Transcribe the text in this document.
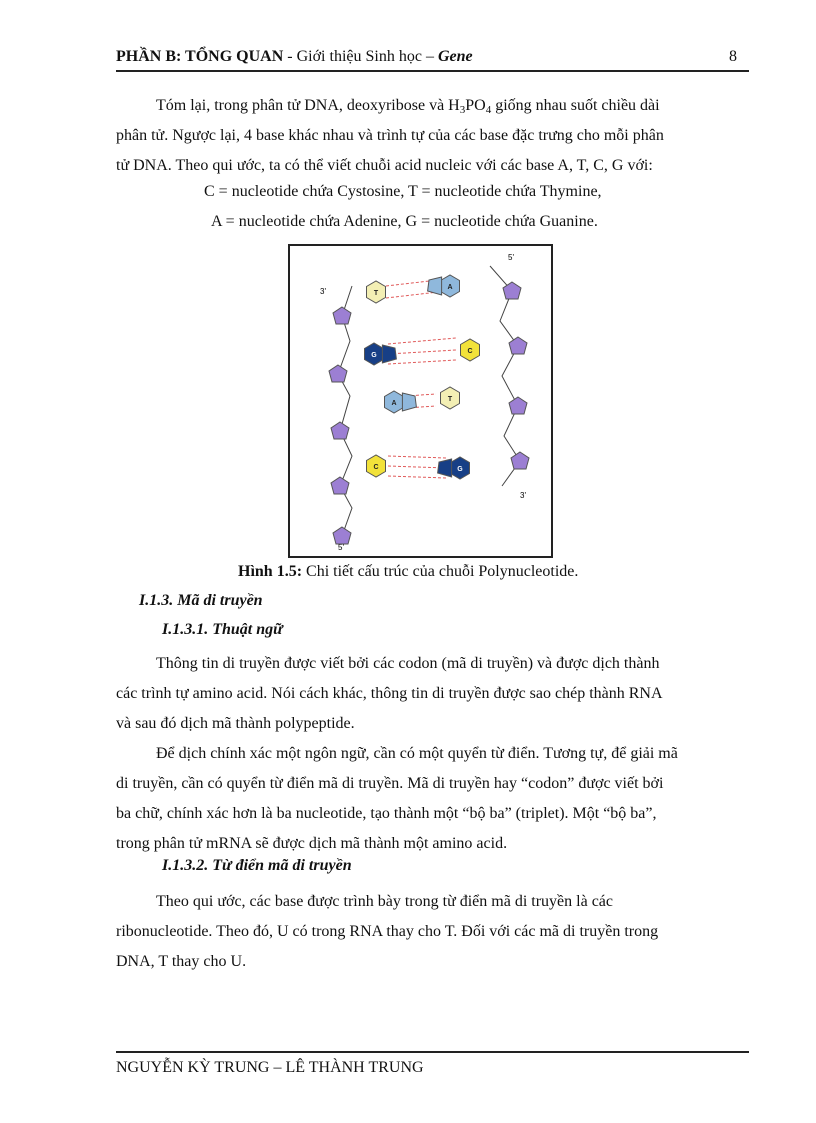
PHẦN B: TỔNG QUAN - Giới thiệu Sinh học – Gene	8
Tóm lại, trong phân tử DNA, deoxyribose và $H_3PO_4$ giống nhau suốt chiều dài
phân tử. Ngược lại, 4 base khác nhau và trình tự của các base đặc trưng cho mỗi phân
tử DNA. Theo qui ước, ta có thể viết chuỗi acid nucleic với các base A, T, C, G với:
C = nucleotide chứa Cystosine, T = nucleotide chứa Thymine,
A = nucleotide chứa Adenine, G = nucleotide chứa Guanine.
T
A
G
C
A
T
C	G
5'
3'
3'
5'
Hình 1.5: Chi tiết cấu trúc của chuỗi Polynucleotide.
I.1.3. Mã di truyền
I.1.3.1. Thuật ngữ
Thông tin di truyền được viết bởi các codon (mã di truyền) và được dịch thành
các trình tự amino acid. Nói cách khác, thông tin di truyền được sao chép thành RNA
và sau đó dịch mã thành polypeptide.
Để dịch chính xác một ngôn ngữ, cần có một quyển từ điển. Tương tự, để giải mã
di truyền, cần có quyển từ điển mã di truyền. Mã di truyền hay “codon” được viết bởi
ba chữ, chính xác hơn là ba nucleotide, tạo thành một “bộ ba” (triplet). Một “bộ ba”,
trong phân tử mRNA sẽ được dịch mã thành một amino acid.
I.1.3.2. Từ điển mã di truyền
Theo qui ước, các base được trình bày trong từ điển mã di truyền là các
ribonucleotide. Theo đó, U có trong RNA thay cho T. Đối với các mã di truyền trong
DNA, T thay cho U.
NGUYỄN KỲ TRUNG – LÊ THÀNH TRUNG
